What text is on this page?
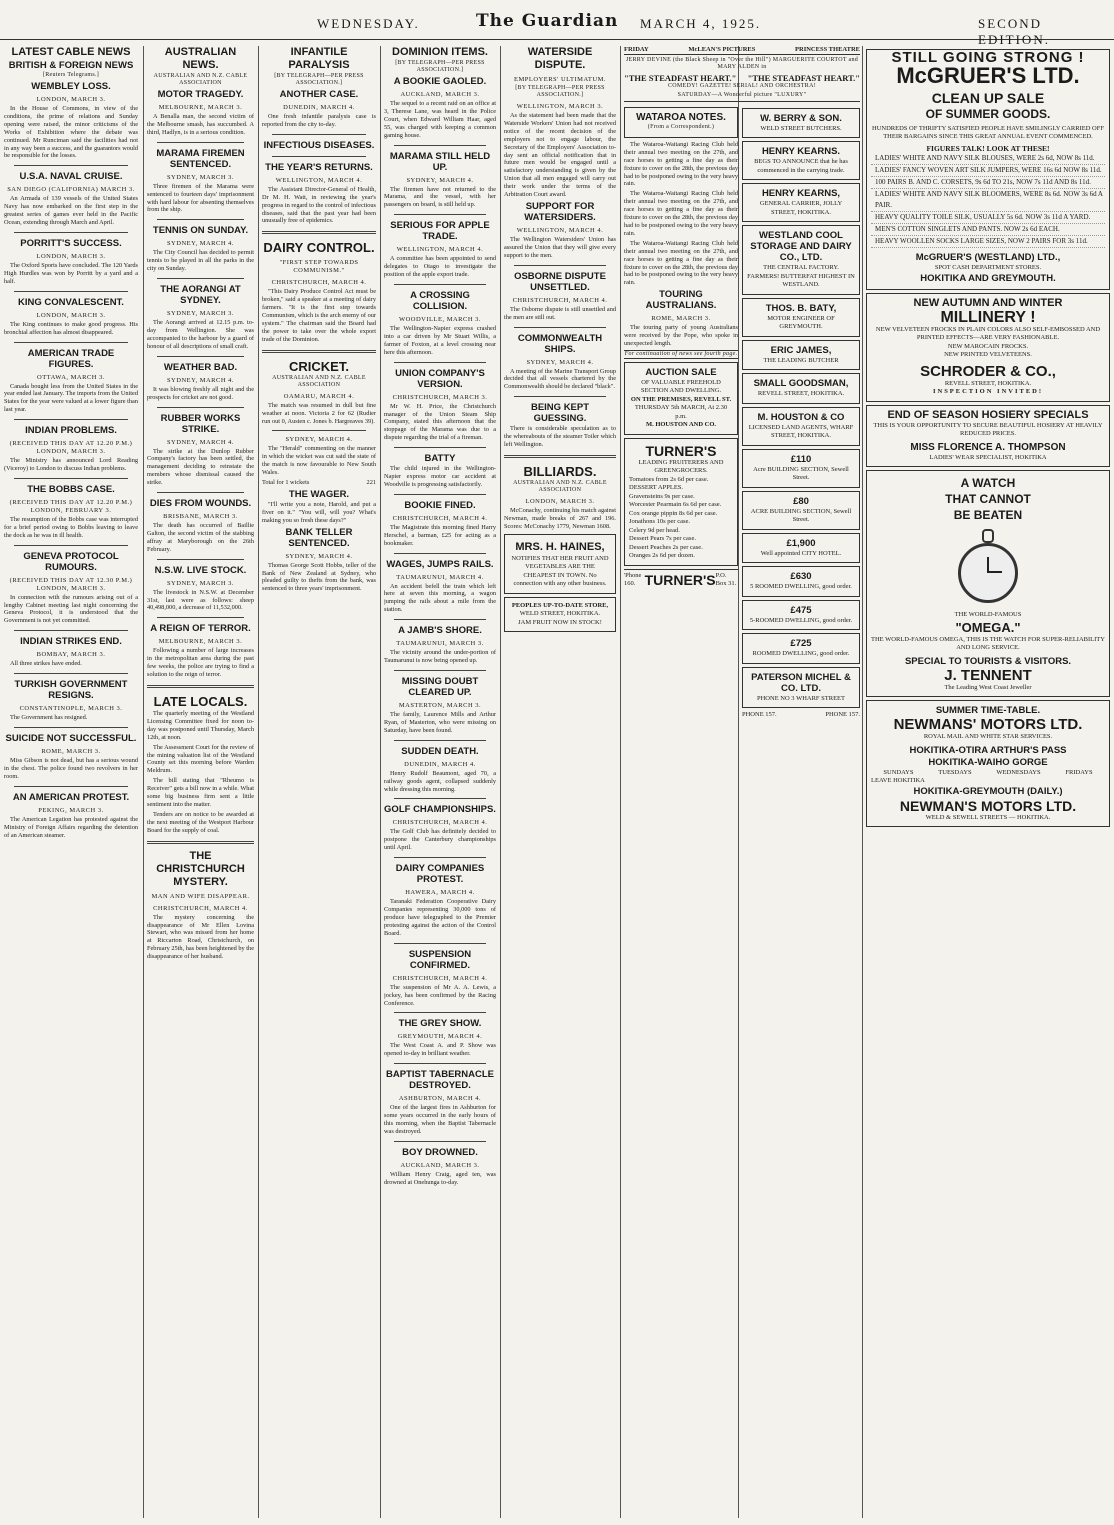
WEDNESDAY.	The Guardian MARCH 4, 1925.	SECOND EDITION.
LATEST CABLE NEWS
BRITISH & FOREIGN NEWS
[Reuters Telegrams.]
WEMBLEY LOSS.
LONDON, MARCH 3.

In the House of Commons, in view of the conditions, the prime of relations and Sunday opening were raised, the minor criticisms of the Works of Exhibition where the debate was continued. Mr Runciman said the facilities had not in any way been a success, and the guarantors would be responsible for the losses.

U.S.A. NAVAL CRUISE.
SAN DIEGO (CALIFORNIA) MARCH 3.

An Armada of 139 vessels of the United States Navy has now embarked on the first step in the greatest series of games ever held in the Pacific Ocean, extending through March and April.

PORRITT'S SUCCESS.
LONDON, MARCH 3.

The Oxford Sports have concluded. The 120 Yards High Hurdles was won by Porritt by a yard and a half.

KING CONVALESCENT.
LONDON, MARCH 3.

The King continues to make good progress. His bronchial affection has almost disappeared.

AMERICAN TRADE FIGURES.
OTTAWA, MARCH 3.

Canada bought less from the United States in the year ended last January. The imports from the United States for the year were valued at a lower figure than last year.

INDIAN PROBLEMS.
(RECEIVED THIS DAY AT 12.20 P.M.) LONDON, MARCH 3.

The Ministry has announced Lord Reading (Viceroy) to London to discuss Indian problems.

THE BOBBS CASE.
(RECEIVED THIS DAY AT 12.20 P.M.) LONDON, FEBRUARY 3.

The resumption of the Bobbs case was interrupted for a brief period owing to Bobbs leaving to leave the dock as he was in ill health.

GENEVA PROTOCOL RUMOURS.
(RECEIVED THIS DAY AT 12.30 P.M.) LONDON, MARCH 3.

In connection with the rumours arising out of a lengthy Cabinet meeting last night concerning the Geneva Protocol, it is understood that the Government is not yet committed.

INDIAN STRIKES END.
BOMBAY, MARCH 3.

All three strikes have ended.

TURKISH GOVERNMENT RESIGNS.
CONSTANTINOPLE, MARCH 3.

The Government has resigned.

SUICIDE NOT SUCCESSFUL.
ROME, MARCH 3.

Miss Gibson is not dead, but has a serious wound in the chest. The police found two revolvers in her room.

AN AMERICAN PROTEST.
PEKING, MARCH 3.

The American Legation has protested against the Ministry of Foreign Affairs regarding the detention of an American steamer.

AUSTRALIAN NEWS.
AUSTRALIAN AND N.Z. CABLE ASSOCIATION
MOTOR TRAGEDY.
MELBOURNE, MARCH 3.

A Benalla man, the second victim of the Melbourne smash, has succumbed. A third, Hadlyn, is in a serious condition.

MARAMA FIREMEN SENTENCED.
SYDNEY, MARCH 3.

Three firemen of the Marama were sentenced to fourteen days' imprisonment with hard labour for absenting themselves from the ship.

TENNIS ON SUNDAY.
SYDNEY, MARCH 4.

The City Council has decided to permit tennis to be played in all the parks in the city on Sunday.

THE AORANGI AT SYDNEY.
SYDNEY, MARCH 3.

The Aorangi arrived at 12.15 p.m. to-day from Wellington. She was accompanied to the harbour by a guard of honour of all descriptions of small craft.

WEATHER BAD.
SYDNEY, MARCH 4.

It was blowing freshly all night and the prospects for cricket are not good.

RUBBER WORKS STRIKE.
SYDNEY, MARCH 4.

The strike at the Dunlop Rubber Company's factory has been settled, the management deciding to reinstate the members whose dismissal caused the strike.

DIES FROM WOUNDS.
BRISBANE, MARCH 3.

The death has occurred of Baillie Galton, the second victim of the stabbing affray at Maryborough on the 26th February.

N.S.W. LIVE STOCK.
SYDNEY, MARCH 3.

The livestock in N.S.W. at December 31st, last were as follows: sheep 40,498,000, a decrease of 11,532,000.

A REIGN OF TERROR.
MELBOURNE, MARCH 3.

Following a number of large increases in the metropolitan area during the past few weeks, the police are trying to find a solution to the reign of terror.

LATE LOCALS.

The quarterly meeting of the Westland Licensing Committee fixed for noon to-day was postponed until Thursday, March 12th, at noon.

The Assessment Court for the review of the mining valuation list of the Westland County set this morning before Warden Meldrum.

The bill stating that "Rheumo is Receiver" gets a bill now in a while. What some big business firm sent a little sentiment into the matter.

Tenders are on notice to be awarded at the next meeting of the Westport Harbour Board for the supply of coal.

THE CHRISTCHURCH MYSTERY.
MAN AND WIFE DISAPPEAR.
CHRISTCHURCH, MARCH 4.

The mystery concerning the disappearance of Mr Ellen Lovina Stewart, who was missed from her home at Riccarton Road, Christchurch, on February 25th, has been heightened by the disappearance of her husband.

INFANTILE PARALYSIS
[BY TELEGRAPH—PER PRESS ASSOCIATION.]
ANOTHER CASE.
DUNEDIN, MARCH 4.

One fresh infantile paralysis case is reported from the city to-day.

INFECTIOUS DISEASES.
THE YEAR'S RETURNS.
WELLINGTON, MARCH 4.

The Assistant Director-General of Health, Dr M. H. Watt, in reviewing the year's progress in regard to the control of infectious diseases, said that the past year had been unusually free of epidemics.

DAIRY CONTROL.
"FIRST STEP TOWARDS COMMUNISM."
CHRISTCHURCH, MARCH 4.

"This Dairy Produce Control Act must be broken," said a speaker at a meeting of dairy farmers. "It is the first step towards Communism, which is the arch enemy of our system." The chairman said the Board had the power to take over the whole export trade of the Dominion.

CRICKET.
AUSTRALIAN AND N.Z. CABLE ASSOCIATION
OAMARU, MARCH 4.

The match was resumed in dull but fine weather at noon. Victoria 2 for 62 (Rudier run out 0, Austen c. Jones b. Hargreaves 39).

SYDNEY, MARCH 4.

The "Herald" commenting on the manner in which the wicket was cut said the state of the match is now favourable to New South Wales.

Total for 1 wickets	221
THE WAGER.

"I'll write you a note, Harold, and put a fiver on it." "You will, will you? What's making you so fresh these days?"

BANK TELLER SENTENCED.
SYDNEY, MARCH 4.

Thomas George Scott Hobbs, teller of the Bank of New Zealand at Sydney, who pleaded guilty to thefts from the bank, was sentenced to three years' imprisonment.

DOMINION ITEMS.
[BY TELEGRAPH—PER PRESS ASSOCIATION.]
A BOOKIE GAOLED.
AUCKLAND, MARCH 3.

The sequel to a recent raid on an office at 3, Therese Lane, was heard in the Police Court, when Edward William Haar, aged 55, was charged with keeping a common gaming house.

MARAMA STILL HELD UP.
SYDNEY, MARCH 4.

The firemen have not returned to the Marama, and the vessel, with her passengers on board, is still held up.

SERIOUS FOR APPLE TRADE.
WELLINGTON, MARCH 4.

A committee has been appointed to send delegates to Otago to investigate the position of the apple export trade.

A CROSSING COLLISION.
WOODVILLE, MARCH 3.

The Wellington-Napier express crashed into a car driven by Mr Stuart Willis, a farmer of Foxton, at a level crossing near here this afternoon.

UNION COMPANY'S VERSION.
CHRISTCHURCH, MARCH 3.

Mr W. H. Price, the Christchurch manager of the Union Steam Ship Company, stated this afternoon that the stoppage of the Marama was due to a dispute regarding the trial of a fireman.

BATTY

The child injured in the Wellington-Napier express motor car accident at Woodville is progressing satisfactorily.

BOOKIE FINED.
CHRISTCHURCH, MARCH 4.

The Magistrate this morning fined Harry Herschel, a barman, £25 for acting as a bookmaker.

WAGES, JUMPS RAILS.
TAUMARUNUI, MARCH 4.

An accident befell the train which left here at seven this morning, a wagon jumping the rails about a mile from the station.

A JAMB'S SHORE.
TAUMARUNUI, MARCH 3.

The vicinity around the under-portion of Taumarunui is now being opened up.

MISSING DOUBT CLEARED UP.
MASTERTON, MARCH 3.

The family, Laurence Mills and Arthur Ryan, of Masterton, who were missing on Saturday, have been found.

SUDDEN DEATH.
DUNEDIN, MARCH 4.

Henry Rudolf Beaumont, aged 70, a railway goods agent, collapsed suddenly while dressing this morning.

GOLF CHAMPIONSHIPS.
CHRISTCHURCH, MARCH 4.

The Golf Club has definitely decided to postpone the Canterbury championships until April.

DAIRY COMPANIES PROTEST.
HAWERA, MARCH 4.

Taranaki Federation Cooperative Dairy Companies representing 30,000 tons of produce have telegraphed to the Premier protesting against the action of the Control Board.

SUSPENSION CONFIRMED.
CHRISTCHURCH, MARCH 4.

The suspension of Mr A. A. Lewis, a jockey, has been confirmed by the Racing Conference.

THE GREY SHOW.
GREYMOUTH, MARCH 4.

The West Coast A. and P. Show was opened to-day in brilliant weather.

BAPTIST TABERNACLE DESTROYED.
ASHBURTON, MARCH 4.

One of the largest fires in Ashburton for some years occurred in the early hours of this morning, when the Baptist Tabernacle was destroyed.

BOY DROWNED.
AUCKLAND, MARCH 3.

William Henry Craig, aged ten, was drowned at Onehunga to-day.

WATERSIDE DISPUTE.
EMPLOYERS' ULTIMATUM.
[BY TELEGRAPH—PER PRESS ASSOCIATION.]
WELLINGTON, MARCH 3.

As the statement had been made that the Waterside Workers' Union had not received notice of the recent decision of the employers not to engage labour, the Secretary of the Employers' Association to-day sent an official notification that in future men would be engaged until a satisfactory understanding is given by the Union that all men engaged will carry out their work under the terms of the Arbitration Court award.

SUPPORT FOR WATERSIDERS.
WELLINGTON, MARCH 4.

The Wellington Watersiders' Union has assured the Union that they will give every support to the men.

OSBORNE DISPUTE UNSETTLED.
CHRISTCHURCH, MARCH 4.

The Osborne dispute is still unsettled and the men are still out.

COMMONWEALTH SHIPS.
SYDNEY, MARCH 4.

A meeting of the Marine Transport Group decided that all vessels chartered by the Commonwealth should be declared "black".

BEING KEPT GUESSING.

There is considerable speculation as to the whereabouts of the steamer Toiler which left Wellington.

BILLIARDS.
AUSTRALIAN AND N.Z. CABLE ASSOCIATION
LONDON, MARCH 3.

McConachy, continuing his match against Newman, made breaks of 267 and 196. Scores: McConachy 1779, Newman 1608.

MRS. H. HAINES,
NOTIFIES THAT HER FRUIT AND VEGETABLES ARE THE CHEAPEST IN TOWN. No connection with any other business.
PEOPLES UP-TO-DATE STORE,
WELD STREET, HOKITIKA.
JAM FRUIT NOW IN STOCK!
FRIDAY	McLEAN'S PICTURES	PRINCESS THEATRE
JERRY DEVINE (the Black Sheep in "Over the Hill") MARGUERITE COURTOT and MARY ALDEN in
"THE STEADFAST HEART." "THE STEADFAST HEART."
COMEDY! GAZETTE! SERIAL! AND ORCHESTRA!
SATURDAY—A Wonderful picture "LUXURY"
WATAROA NOTES.
(From a Correspondent.)

The Wataroa-Waitangi Racing Club held their annual two meeting on the 27th, and race horses to getting a fine day as their fixture to cover on the 28th, the previous day had to be postponed owing to the very heavy rain.

The Wataroa-Waitangi Racing Club held their annual two meeting on the 27th, and race horses to getting a fine day as their fixture to cover on the 28th, the previous day had to be postponed owing to the very heavy rain.

The Wataroa-Waitangi Racing Club held their annual two meeting on the 27th, and race horses to getting a fine day as their fixture to cover on the 28th, the previous day had to be postponed owing to the very heavy rain.

TOURING AUSTRALIANS.
ROME, MARCH 3.

The touring party of young Australians were received by the Pope, who spoke in unexpected length.

For continuation of news see fourth page.
AUCTION SALE
OF VALUABLE FREEHOLD SECTION AND DWELLING.
ON THE PREMISES, REVELL ST.
THURSDAY 5th MARCH, At 2.30 p.m.
M. HOUSTON AND CO.
TURNER'S
LEADING FRUITERERS AND GREENGROCERS.
Tomatoes from 2s 6d per case.
DESSERT APPLES.
Gravensteins 9s per case.
Worcester Pearmain 6s 6d per case.
Cox orange pippin 8s 6d per case.
Jonathons 10s per case.
Celery 9d per head.
Dessert Pears 7s per case.
Dessert Peaches 2s per case.
Oranges 2s 6d per dozen.
'Phone 160. TURNER'S P.O. Box 31.
W. BERRY & SON.
WELD STREET BUTCHERS.
HENRY KEARNS.
BEGS TO ANNOUNCE that he has commenced in the carrying trade.
HENRY KEARNS,
GENERAL CARRIER, JOLLY STREET, HOKITIKA.
WESTLAND COOL STORAGE AND DAIRY CO., LTD.
THE CENTRAL FACTORY. FARMERS! BUTTERFAT HIGHEST IN WESTLAND.
THOS. B. BATY,
MOTOR ENGINEER OF GREYMOUTH.
ERIC JAMES,
THE LEADING BUTCHER
SMALL GOODSMAN,
REVELL STREET, HOKITIKA.
M. HOUSTON & CO
LICENSED LAND AGENTS, WHARF STREET, HOKITIKA.
£110
Acre BUILDING SECTION, Sewell Street.
£80
ACRE BUILDING SECTION, Sewell Street.
£1,900
Well appointed CITY HOTEL.
£630
5 ROOMED DWELLING, good order.
£475
5-ROOMED DWELLING, good order.
£725
ROOMED DWELLING, good order.
PATERSON MICHEL & CO. LTD.
PHONE NO 3 WHARF STREET
PHONE 157.	PHONE 157.
STILL GOING STRONG !
McGRUER'S LTD.
CLEAN UP SALE
OF SUMMER GOODS.
HUNDREDS OF THRIFTY SATISFIED PEOPLE HAVE SMILINGLY CARRIED OFF THEIR BARGAINS SINCE THIS GREAT ANNUAL EVENT COMMENCED.
FIGURES TALK! LOOK AT THESE!
LADIES' WHITE AND NAVY SILK BLOUSES, WERE 2s 6d, NOW 8s 11d.
LADIES' FANCY WOVEN ART SILK JUMPERS, WERE 16s 6d NOW 8s 11d.
100 PAIRS B. AND C. CORSETS, 9s 6d TO 21s, NOW 7s 11d AND 8s 11d.
LADIES' WHITE AND NAVY SILK BLOOMERS, WERE 8s 6d. NOW 3s 6d A PAIR.
HEAVY QUALITY TOILE SILK, USUALLY 5s 6d. NOW 3s 11d A YARD.
MEN'S COTTON SINGLETS AND PANTS. NOW 2s 6d EACH.
HEAVY WOOLLEN SOCKS LARGE SIZES, NOW 2 PAIRS FOR 3s 11d.
McGRUER'S (WESTLAND) LTD.,
SPOT CASH DEPARTMENT STORES.
HOKITIKA AND GREYMOUTH.
NEW AUTUMN AND WINTER
MILLINERY !
NEW VELVETEEN FROCKS IN PLAIN COLORS ALSO SELF-EMBOSSED AND PRINTED EFFECTS—ARE VERY FASHIONABLE.
NEW MAROCAIN FROCKS.
NEW PRINTED VELVETEENS.
SCHRODER & CO.,
REVELL STREET, HOKITIKA.
INSPECTION INVITED!
END OF SEASON HOSIERY SPECIALS
THIS IS YOUR OPPORTUNITY TO SECURE BEAUTIFUL HOSIERY AT HEAVILY REDUCED PRICES.
MISS FLORENCE A. THOMPSON
LADIES' WEAR SPECIALIST, HOKITIKA
A WATCH
THAT CANNOT
BE BEATEN
THE WORLD-FAMOUS
"OMEGA."
THE WORLD-FAMOUS OMEGA, THIS IS THE WATCH FOR SUPER-RELIABILITY AND LONG SERVICE.
SPECIAL TO TOURISTS & VISITORS.
J. TENNENT
The Leading West Coast Jeweller
SUMMER TIME-TABLE.
NEWMANS' MOTORS LTD.
ROYAL MAIL AND WHITE STAR SERVICES.
HOKITIKA-OTIRA ARTHUR'S PASS
HOKITIKA-WAIHO GORGE
SUNDAYS	TUESDAYS	WEDNESDAYS	FRIDAYS
LEAVE HOKITIKA
HOKITIKA-GREYMOUTH (DAILY.)
NEWMAN'S MOTORS LTD.
WELD & SEWELL STREETS — HOKITIKA.
